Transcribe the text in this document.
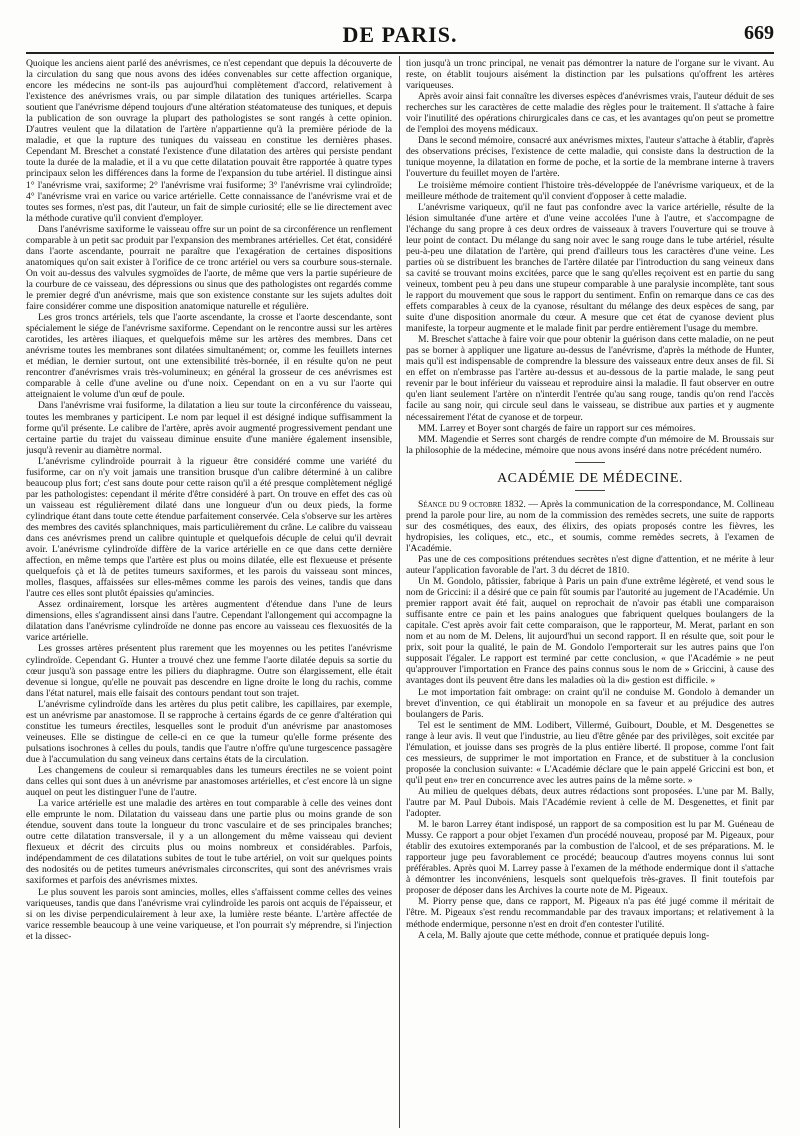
DE PARIS.	669

Quoique les anciens aient parlé des anévrismes, ce n'est cependant que depuis la découverte de la circulation du sang que nous avons des idées convenables sur cette affection organique, encore les médecins ne sont-ils pas aujourd'hui complètement d'accord, relativement à l'existence des anévrismes vrais, ou par simple dilatation des tuniques artérielles. Scarpa soutient que l'anévrisme dépend toujours d'une altération stéatomateuse des tuniques, et depuis la publication de son ouvrage la plupart des pathologistes se sont rangés à cette opinion. D'autres veulent que la dilatation de l'artère n'appartienne qu'à la première période de la maladie, et que la rupture des tuniques du vaisseau en constitue les dernières phases. Cependant M. Breschet a constaté l'existence d'une dilatation des artères qui persiste pendant toute la durée de la maladie, et il a vu que cette dilatation pouvait être rapportée à quatre types principaux selon les différences dans la forme de l'expansion du tube artériel. Il distingue ainsi 1° l'anévrisme vrai, saxiforme; 2° l'anévrisme vrai fusiforme; 3° l'anévrisme vrai cylindroïde; 4° l'anévrisme vrai en varice ou varice artérielle. Cette connaissance de l'anévrisme vrai et de toutes ses formes, n'est pas, dit l'auteur, un fait de simple curiosité; elle se lie directement avec la méthode curative qu'il convient d'employer.

Dans l'anévrisme saxiforme le vaisseau offre sur un point de sa circonférence un renflement comparable à un petit sac produit par l'expansion des membranes artérielles. Cet état, considéré dans l'aorte ascendante, pourrait ne paraître que l'exagération de certaines dispositions anatomiques qu'on sait exister à l'orifice de ce tronc artériel ou vers sa courbure sous-sternale. On voit au-dessus des valvules sygmoïdes de l'aorte, de même que vers la partie supérieure de la courbure de ce vaisseau, des dépressions ou sinus que des pathologistes ont regardés comme le premier degré d'un anévrisme, mais que son existence constante sur les sujets adultes doit faire considérer comme une disposition anatomique naturelle et régulière.

Les gros troncs artériels, tels que l'aorte ascendante, la crosse et l'aorte descendante, sont spécialement le siége de l'anévrisme saxiforme. Cependant on le rencontre aussi sur les artères carotides, les artères iliaques, et quelquefois même sur les artères des membres. Dans cet anévrisme toutes les membranes sont dilatées simultanément; or, comme les feuillets internes et médian, le dernier surtout, ont une extensibilité très-bornée, il en résulte qu'on ne peut rencontrer d'anévrismes vrais très-volumineux; en général la grosseur de ces anévrismes est comparable à celle d'une aveline ou d'une noix. Cependant on en a vu sur l'aorte qui atteignaient le volume d'un œuf de poule.

Dans l'anévrisme vrai fusiforme, la dilatation a lieu sur toute la circonférence du vaisseau, toutes les membranes y participent. Le nom par lequel il est désigné indique suffisamment la forme qu'il présente. Le calibre de l'artère, après avoir augmenté progressivement pendant une certaine partie du trajet du vaisseau diminue ensuite d'une manière également insensible, jusqu'à revenir au diamètre normal.

L'anévrisme cylindroïde pourrait à la rigueur être considéré comme une variété du fusiforme, car on n'y voit jamais une transition brusque d'un calibre déterminé à un calibre beaucoup plus fort; c'est sans doute pour cette raison qu'il a été presque complètement négligé par les pathologistes: cependant il mérite d'être considéré à part. On trouve en effet des cas où un vaisseau est régulièrement dilaté dans une longueur d'un ou deux pieds, la forme cylindrique étant dans toute cette étendue parfaitement conservée. Cela s'observe sur les artères des membres des cavités splanchniques, mais particulièrement du crâne. Le calibre du vaisseau dans ces anévrismes prend un calibre quintuple et quelquefois décuple de celui qu'il devrait avoir. L'anévrisme cylindroïde diffère de la varice artérielle en ce que dans cette dernière affection, en même temps que l'artère est plus ou moins dilatée, elle est flexueuse et présente quelquefois çà et là de petites tumeurs saxiformes, et les parois du vaisseau sont minces, molles, flasques, affaissées sur elles-mêmes comme les parois des veines, tandis que dans l'autre ces elles sont plutôt épaissies qu'amincies.

Assez ordinairement, lorsque les artères augmentent d'étendue dans l'une de leurs dimensions, elles s'agrandissent ainsi dans l'autre. Cependant l'allongement qui accompagne la dilatation dans l'anévrisme cylindroïde ne donne pas encore au vaisseau ces flexuosités de la varice artérielle.

Les grosses artères présentent plus rarement que les moyennes ou les petites l'anévrisme cylindroïde. Cependant G. Hunter a trouvé chez une femme l'aorte dilatée depuis sa sortie du cœur jusqu'à son passage entre les piliers du diaphragme. Outre son élargissement, elle était devenue si longue, qu'elle ne pouvait pas descendre en ligne droite le long du rachis, comme dans l'état naturel, mais elle faisait des contours pendant tout son trajet.

L'anévrisme cylindroïde dans les artères du plus petit calibre, les capillaires, par exemple, est un anévrisme par anastomose. Il se rapproche à certains égards de ce genre d'altération qui constitue les tumeurs érectiles, lesquelles sont le produit d'un anévrisme par anastomoses veineuses. Elle se distingue de celle-ci en ce que la tumeur qu'elle forme présente des pulsations isochrones à celles du pouls, tandis que l'autre n'offre qu'une turgescence passagère due à l'accumulation du sang veineux dans certains états de la circulation.

Les changemens de couleur si remarquables dans les tumeurs érectiles ne se voient point dans celles qui sont dues à un anévrisme par anastomoses artérielles, et c'est encore là un signe auquel on peut les distinguer l'une de l'autre.

La varice artérielle est une maladie des artères en tout comparable à celle des veines dont elle emprunte le nom. Dilatation du vaisseau dans une partie plus ou moins grande de son étendue, souvent dans toute la longueur du tronc vasculaire et de ses principales branches; outre cette dilatation transversale, il y a un allongement du même vaisseau qui devient flexueux et décrit des circuits plus ou moins nombreux et considérables. Parfois, indépendamment de ces dilatations subites de tout le tube artériel, on voit sur quelques points des nodosités ou de petites tumeurs anévrismales circonscrites, qui sont des anévrismes vrais saxiformes et parfois des anévrismes mixtes.

Le plus souvent les parois sont amincies, molles, elles s'affaissent comme celles des veines variqueuses, tandis que dans l'anévrisme vrai cylindroïde les parois ont acquis de l'épaisseur, et si on les divise perpendiculairement à leur axe, la lumière reste béante. L'artère affectée de varice ressemble beaucoup à une veine variqueuse, et l'on pourrait s'y méprendre, si l'injection et la dissec-

tion jusqu'à un tronc principal, ne venait pas démontrer la nature de l'organe sur le vivant. Au reste, on établit toujours aisément la distinction par les pulsations qu'offrent les artères variqueuses.

Après avoir ainsi fait connaître les diverses espèces d'anévrismes vrais, l'auteur déduit de ses recherches sur les caractères de cette maladie des règles pour le traitement. Il s'attache à faire voir l'inutilité des opérations chirurgicales dans ce cas, et les avantages qu'on peut se promettre de l'emploi des moyens médicaux.

Dans le second mémoire, consacré aux anévrismes mixtes, l'auteur s'attache à établir, d'après des observations précises, l'existence de cette maladie, qui consiste dans la destruction de la tunique moyenne, la dilatation en forme de poche, et la sortie de la membrane interne à travers l'ouverture du feuillet moyen de l'artère.

Le troisième mémoire contient l'histoire très-développée de l'anévrisme variqueux, et de la meilleure méthode de traitement qu'il convient d'opposer à cette maladie.

L'anévrisme variqueux, qu'il ne faut pas confondre avec la varice artérielle, résulte de la lésion simultanée d'une artère et d'une veine accolées l'une à l'autre, et s'accompagne de l'échange du sang propre à ces deux ordres de vaisseaux à travers l'ouverture qui se trouve à leur point de contact. Du mélange du sang noir avec le sang rouge dans le tube artériel, résulte peu-à-peu une dilatation de l'artère, qui prend d'ailleurs tous les caractères d'une veine. Les parties où se distribuent les branches de l'artère dilatée par l'introduction du sang veineux dans sa cavité se trouvant moins excitées, parce que le sang qu'elles reçoivent est en partie du sang veineux, tombent peu à peu dans une stupeur comparable à une paralysie incomplète, tant sous le rapport du mouvement que sous le rapport du sentiment. Enfin on remarque dans ce cas des effets comparables à ceux de la cyanose, résultant du mélange des deux espèces de sang, par suite d'une disposition anormale du cœur. A mesure que cet état de cyanose devient plus manifeste, la torpeur augmente et le malade finit par perdre entièrement l'usage du membre.

M. Breschet s'attache à faire voir que pour obtenir la guérison dans cette maladie, on ne peut pas se borner à appliquer une ligature au-dessus de l'anévrisme, d'après la méthode de Hunter, mais qu'il est indispensable de comprendre la blessure des vaisseaux entre deux anses de fil. Si en effet on n'embrasse pas l'artère au-dessus et au-dessous de la partie malade, le sang peut revenir par le bout inférieur du vaisseau et reproduire ainsi la maladie. Il faut observer en outre qu'en liant seulement l'artère on n'interdit l'entrée qu'au sang rouge, tandis qu'on rend l'accès facile au sang noir, qui circule seul dans le vaisseau, se distribue aux parties et y augmente nécessairement l'état de cyanose et de torpeur.

MM. Larrey et Boyer sont chargés de faire un rapport sur ces mémoires.

MM. Magendie et Serres sont chargés de rendre compte d'un mémoire de M. Broussais sur la philosophie de la médecine, mémoire que nous avons inséré dans notre précédent numéro.

ACADÉMIE DE MÉDECINE.

Séance du 9 octobre 1832. — Après la communication de la correspondance, M. Collineau prend la parole pour lire, au nom de la commission des remèdes secrets, une suite de rapports sur des cosmétiques, des eaux, des élixirs, des opiats proposés contre les fièvres, les hydropisies, les coliques, etc., etc., et soumis, comme remèdes secrets, à l'examen de l'Académie.

Pas une de ces compositions prétendues secrètes n'est digne d'attention, et ne mérite à leur auteur l'application favorable de l'art. 3 du décret de 1810.

Un M. Gondolo, pâtissier, fabrique à Paris un pain d'une extrême légèreté, et vend sous le nom de Griccini: il a désiré que ce pain fût soumis par l'autorité au jugement de l'Académie. Un premier rapport avait été fait, auquel on reprochait de n'avoir pas établi une comparaison suffisante entre ce pain et les pains analogues que fabriquent quelques boulangers de la capitale. C'est après avoir fait cette comparaison, que le rapporteur, M. Merat, parlant en son nom et au nom de M. Delens, lit aujourd'hui un second rapport. Il en résulte que, soit pour le prix, soit pour la qualité, le pain de M. Gondolo l'emporterait sur les autres pains que l'on supposait l'égaler. Le rapport est terminé par cette conclusion, « que l'Académie » ne peut qu'approuver l'importation en France des pains connus sous le nom de » Griccini, à cause des avantages dont ils peuvent être dans les maladies où la di» gestion est difficile. »

Le mot importation fait ombrage: on craint qu'il ne conduise M. Gondolo à demander un brevet d'invention, ce qui établirait un monopole en sa faveur et au préjudice des autres boulangers de Paris.

Tel est le sentiment de MM. Lodibert, Villermé, Guibourt, Double, et M. Desgenettes se range à leur avis. Il veut que l'industrie, au lieu d'être gênée par des privilèges, soit excitée par l'émulation, et jouisse dans ses progrès de la plus entière liberté. Il propose, comme l'ont fait ces messieurs, de supprimer le mot importation en France, et de substituer à la conclusion proposée la conclusion suivante: « L'Académie déclare que le pain appelé Griccini est bon, et qu'il peut en» trer en concurrence avec les autres pains de la même sorte. »

Au milieu de quelques débats, deux autres rédactions sont proposées. L'une par M. Bally, l'autre par M. Paul Dubois. Mais l'Académie revient à celle de M. Desgenettes, et finit par l'adopter.

M. le baron Larrey étant indisposé, un rapport de sa composition est lu par M. Guéneau de Mussy. Ce rapport a pour objet l'examen d'un procédé nouveau, proposé par M. Pigeaux, pour établir des exutoires extemporanés par la combustion de l'alcool, et de ses préparations. M. le rapporteur juge peu favorablement ce procédé; beaucoup d'autres moyens connus lui sont préférables. Après quoi M. Larrey passe à l'examen de la méthode endermique dont il s'attache à démontrer les inconvéniens, lesquels sont quelquefois très-graves. Il finit toutefois par proposer de déposer dans les Archives la courte note de M. Pigeaux.

M. Piorry pense que, dans ce rapport, M. Pigeaux n'a pas été jugé comme il méritait de l'être. M. Pigeaux s'est rendu recommandable par des travaux importans; et relativement à la méthode endermique, personne n'est en droit d'en contester l'utilité.

A cela, M. Bally ajoute que cette méthode, connue et pratiquée depuis long-
